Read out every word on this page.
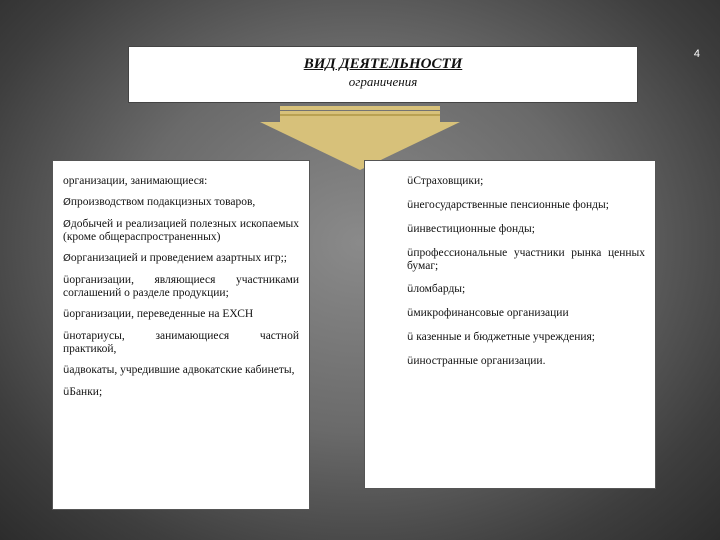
4
ВИД ДЕЯТЕЛЬНОСТИ
ограничения
организации, занимающиеся:
Øпроизводством подакцизных товаров,
Øдобычей и реализацией полезных ископаемых (кроме общераспространенных)
Øорганизацией и проведением азартных игр;;
üорганизации, являющиеся участниками соглашений о разделе продукции;
üорганизации, переведенные на ЕХСН
üнотариусы, занимающиеся частной практикой,
üадвокаты, учредившие адвокатские кабинеты,
üБанки;
üСтраховщики;
üнегосударственные пенсионные фонды;
üинвестиционные фонды;
üпрофессиональные участники рынка ценных бумаг;
üломбарды;
üмикрофинансовые организации
ü казенные и бюджетные учреждения;
üиностранные организации.
